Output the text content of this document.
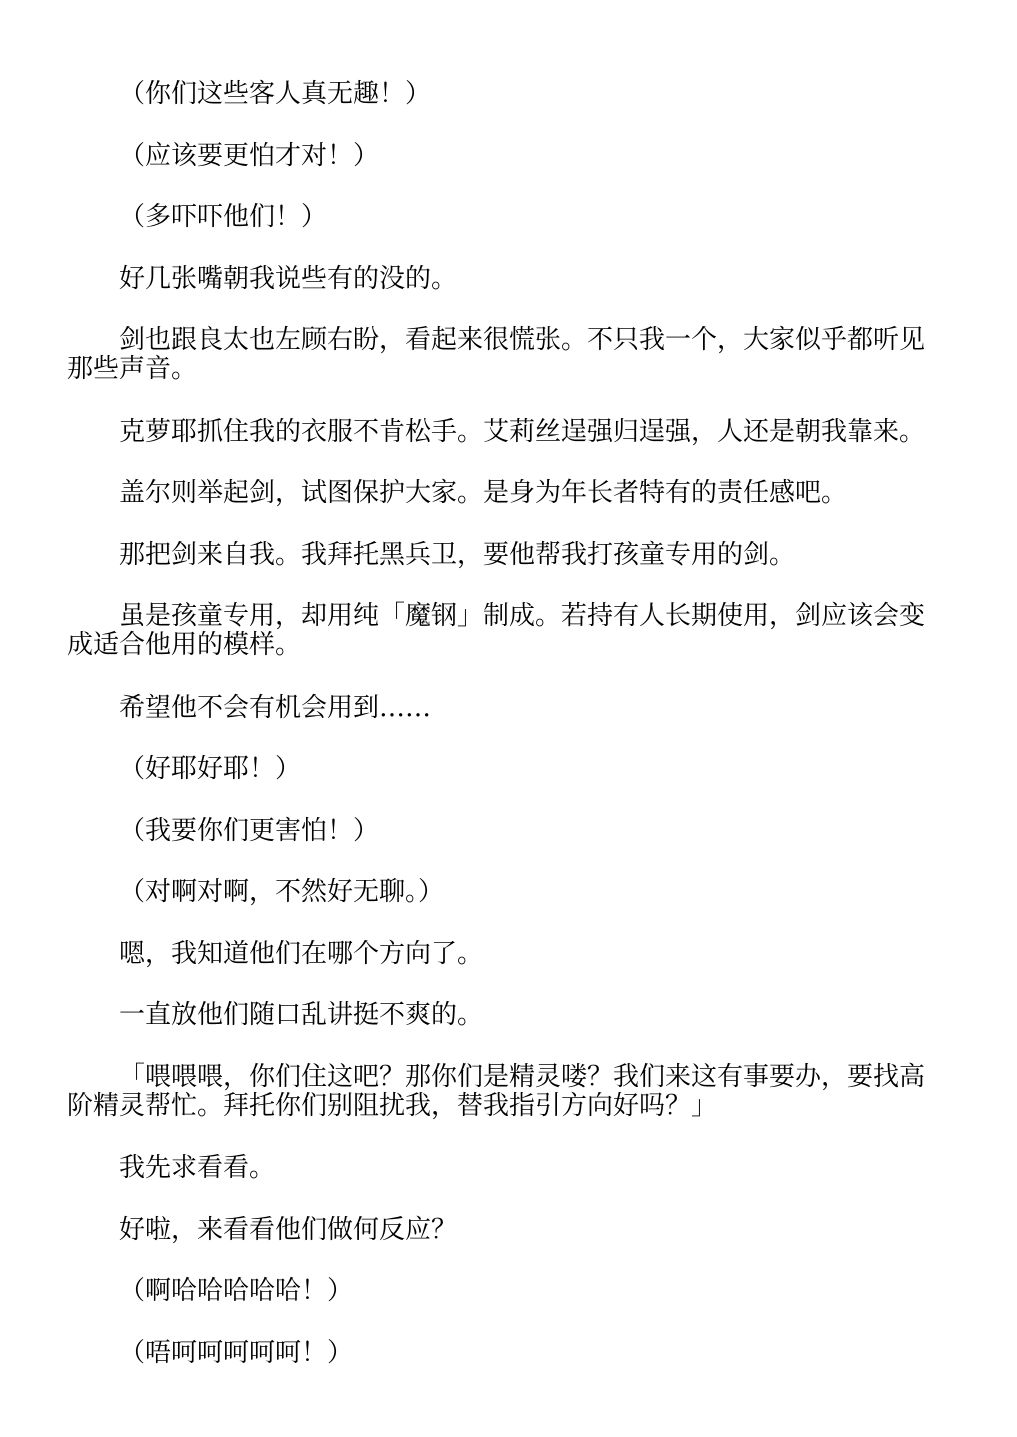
（你们这些客人真无趣！）

（应该要更怕才对！）

（多吓吓他们！）

好几张嘴朝我说些有的没的。

剑也跟良太也左顾右盼，看起来很慌张。不只我一个，大家似乎都听见那些声音。

克萝耶抓住我的衣服不肯松手。艾莉丝逞强归逞强，人还是朝我靠来。

盖尔则举起剑，试图保护大家。是身为年长者特有的责任感吧。

那把剑来自我。我拜托黑兵卫，要他帮我打孩童专用的剑。

虽是孩童专用，却用纯「魔钢」制成。若持有人长期使用，剑应该会变成适合他用的模样。

希望他不会有机会用到……

（好耶好耶！）

（我要你们更害怕！）

（对啊对啊，不然好无聊。）

嗯，我知道他们在哪个方向了。

一直放他们随口乱讲挺不爽的。

「喂喂喂，你们住这吧？那你们是精灵喽？我们来这有事要办，要找高阶精灵帮忙。拜托你们别阻扰我，替我指引方向好吗？」

我先求看看。

好啦，来看看他们做何反应？

（啊哈哈哈哈哈！）

（唔呵呵呵呵呵！）
